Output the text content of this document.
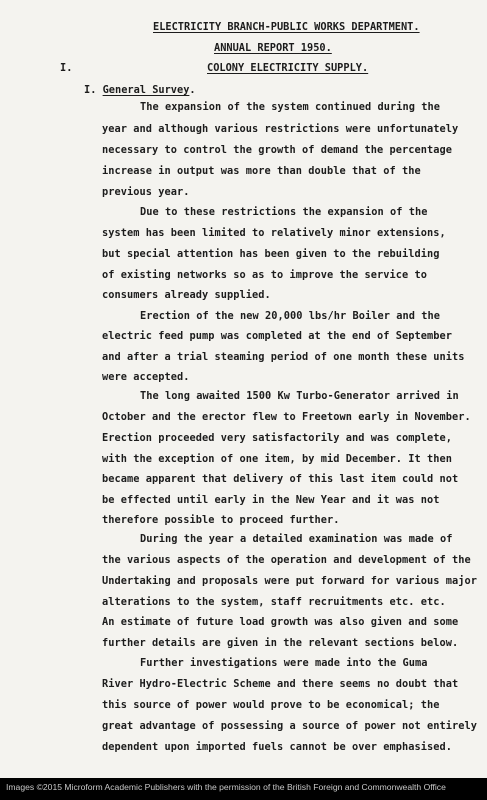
ELECTRICITY BRANCH-PUBLIC WORKS DEPARTMENT.

ANNUAL REPORT 1950.

COLONY ELECTRICITY SUPPLY.

I.

I. General Survey.

The expansion of the system continued during the

year and although various restrictions were unfortunately

necessary to control the growth of demand the percentage

increase in output was more than double that of the

previous year.

Due to these restrictions the expansion of the

system has been limited to relatively minor extensions,

but special attention has been given to the rebuilding

of existing networks so as to improve the service to

consumers already supplied.

Erection of the new 20,000 lbs/hr Boiler and the

electric feed pump was completed at the end of September

and after a trial steaming period of one month these units

were accepted.

The long awaited 1500 Kw Turbo-Generator arrived in

October and the erector flew to Freetown early in November.

Erection proceeded very satisfactorily and was complete,

with the exception of one item, by mid December. It then

became apparent that delivery of this last item could not

be effected until early in the New Year and it was not

therefore possible to proceed further.

During the year a detailed examination was made of

the various aspects of the operation and development of the

Undertaking and proposals were put forward for various major

alterations to the system, staff recruitments etc. etc.

An estimate of future load growth was also given and some

further details are given in the relevant sections below.

Further investigations were made into the Guma

River Hydro-Electric Scheme and there seems no doubt that

this source of power would prove to be economical; the

great advantage of possessing a source of power not entirely

dependent upon imported fuels cannot be over emphasised.

Images ©2015 Microform Academic Publishers with the permission of the British Foreign and Commonwealth Office
